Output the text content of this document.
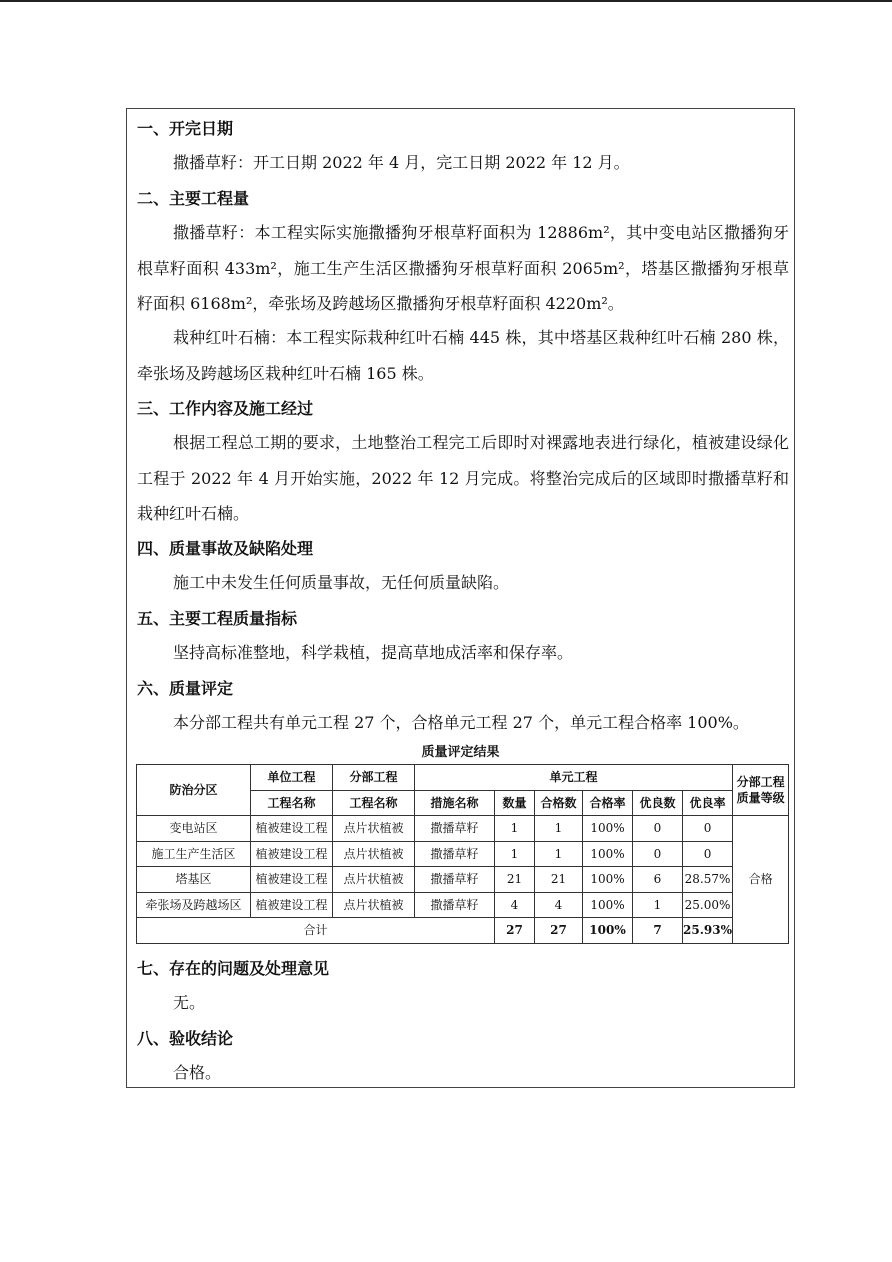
一、开完日期
撒播草籽：开工日期 2022 年 4 月，完工日期 2022 年 12 月。
二、主要工程量
撒播草籽：本工程实际实施撒播狗牙根草籽面积为 12886m²，其中变电站区撒播狗牙根草籽面积 433m²，施工生产生活区撒播狗牙根草籽面积 2065m²，塔基区撒播狗牙根草籽面积 6168m²，牵张场及跨越场区撒播狗牙根草籽面积 4220m²。
栽种红叶石楠：本工程实际栽种红叶石楠 445 株，其中塔基区栽种红叶石楠 280 株，牵张场及跨越场区栽种红叶石楠 165 株。
三、工作内容及施工经过
根据工程总工期的要求，土地整治工程完工后即时对裸露地表进行绿化，植被建设绿化工程于 2022 年 4 月开始实施，2022 年 12 月完成。将整治完成后的区域即时撒播草籽和栽种红叶石楠。
四、质量事故及缺陷处理
施工中未发生任何质量事故，无任何质量缺陷。
五、主要工程质量指标
坚持高标准整地，科学栽植，提高草地成活率和保存率。
六、质量评定
本分部工程共有单元工程 27 个，合格单元工程 27 个，单元工程合格率 100%。
质量评定结果
防治分区	单位工程	分部工程	单元工程						分部工程质量等级
	工程名称	工程名称	措施名称	数量	合格数	合格率	优良数	优良率	
变电站区	植被建设工程	点片状植被	撒播草籽	1	1	100%	0	0	合格
施工生产生活区	植被建设工程	点片状植被	撒播草籽	1	1	100%	0	0	
塔基区	植被建设工程	点片状植被	撒播草籽	21	21	100%	6	28.57%	
牵张场及跨越场区	植被建设工程	点片状植被	撒播草籽	4	4	100%	1	25.00%	
合计				27	27	100%	7	25.93%	
七、存在的问题及处理意见
无。
八、验收结论
合格。
